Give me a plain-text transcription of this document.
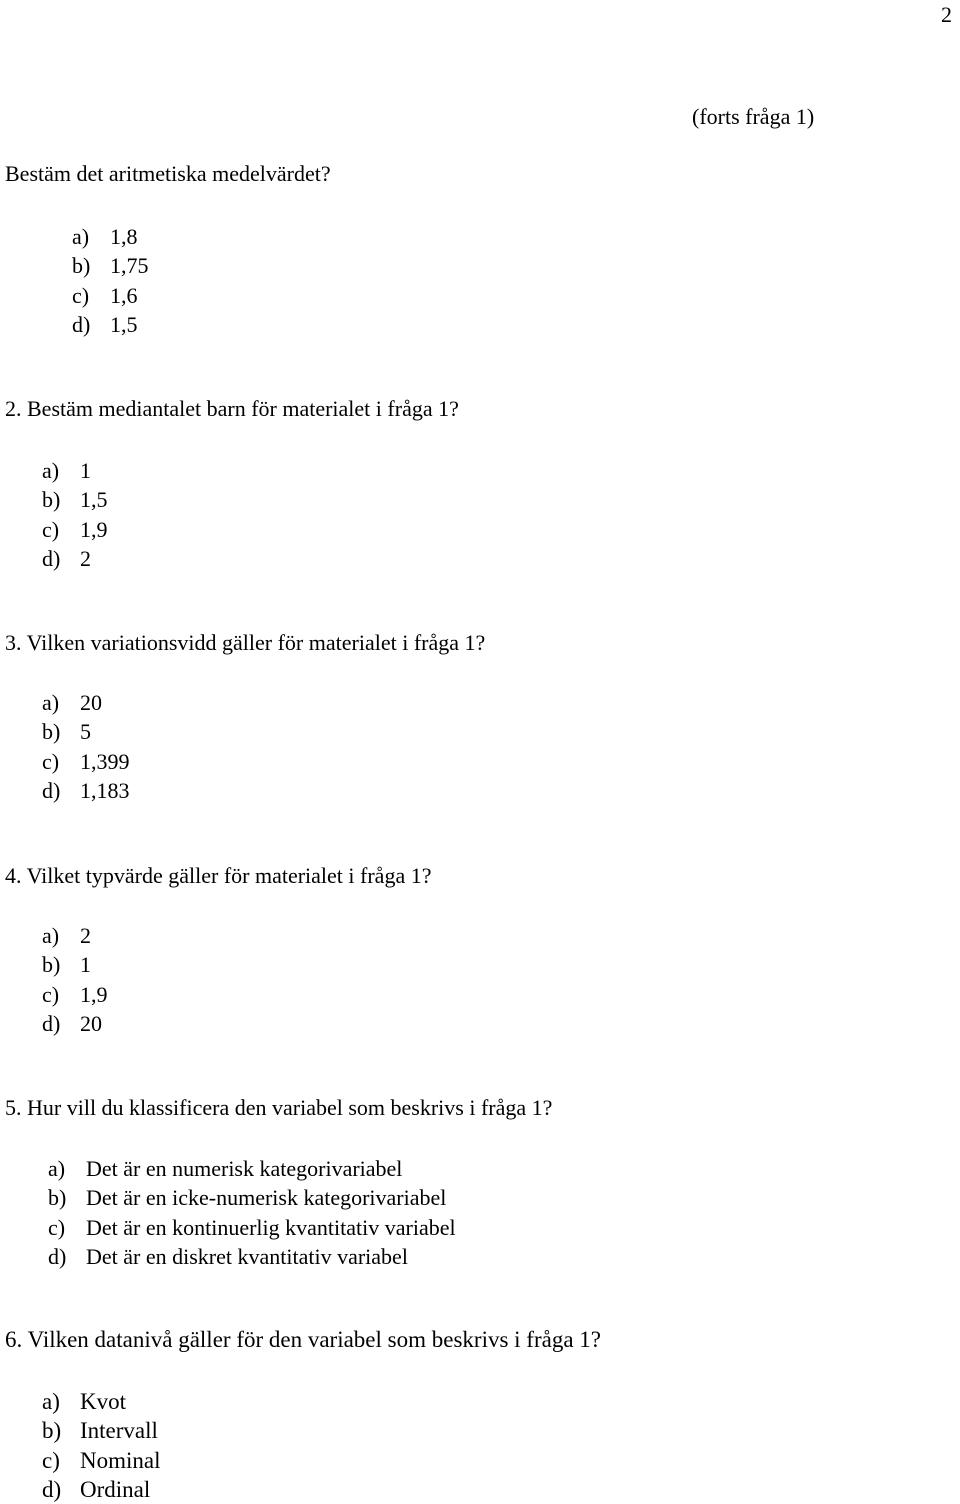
2
(forts fråga 1)
Bestäm det aritmetiska medelvärdet?
a) 1,8
b) 1,75
c) 1,6
d) 1,5
2. Bestäm mediantalet barn för materialet i fråga 1?
a) 1
b) 1,5
c) 1,9
d) 2
3. Vilken variationsvidd gäller för materialet i fråga 1?
a) 20
b) 5
c) 1,399
d) 1,183
4. Vilket typvärde gäller för materialet i fråga 1?
a) 2
b) 1
c) 1,9
d) 20
5. Hur vill du klassificera den variabel som beskrivs i fråga 1?
a) Det är en numerisk kategorivariabel
b) Det är en icke-numerisk kategorivariabel
c) Det är en kontinuerlig kvantitativ variabel
d) Det är en diskret kvantitativ variabel
6. Vilken datanivå gäller för den variabel som beskrivs i fråga 1?
a) Kvot
b) Intervall
c) Nominal
d) Ordinal
